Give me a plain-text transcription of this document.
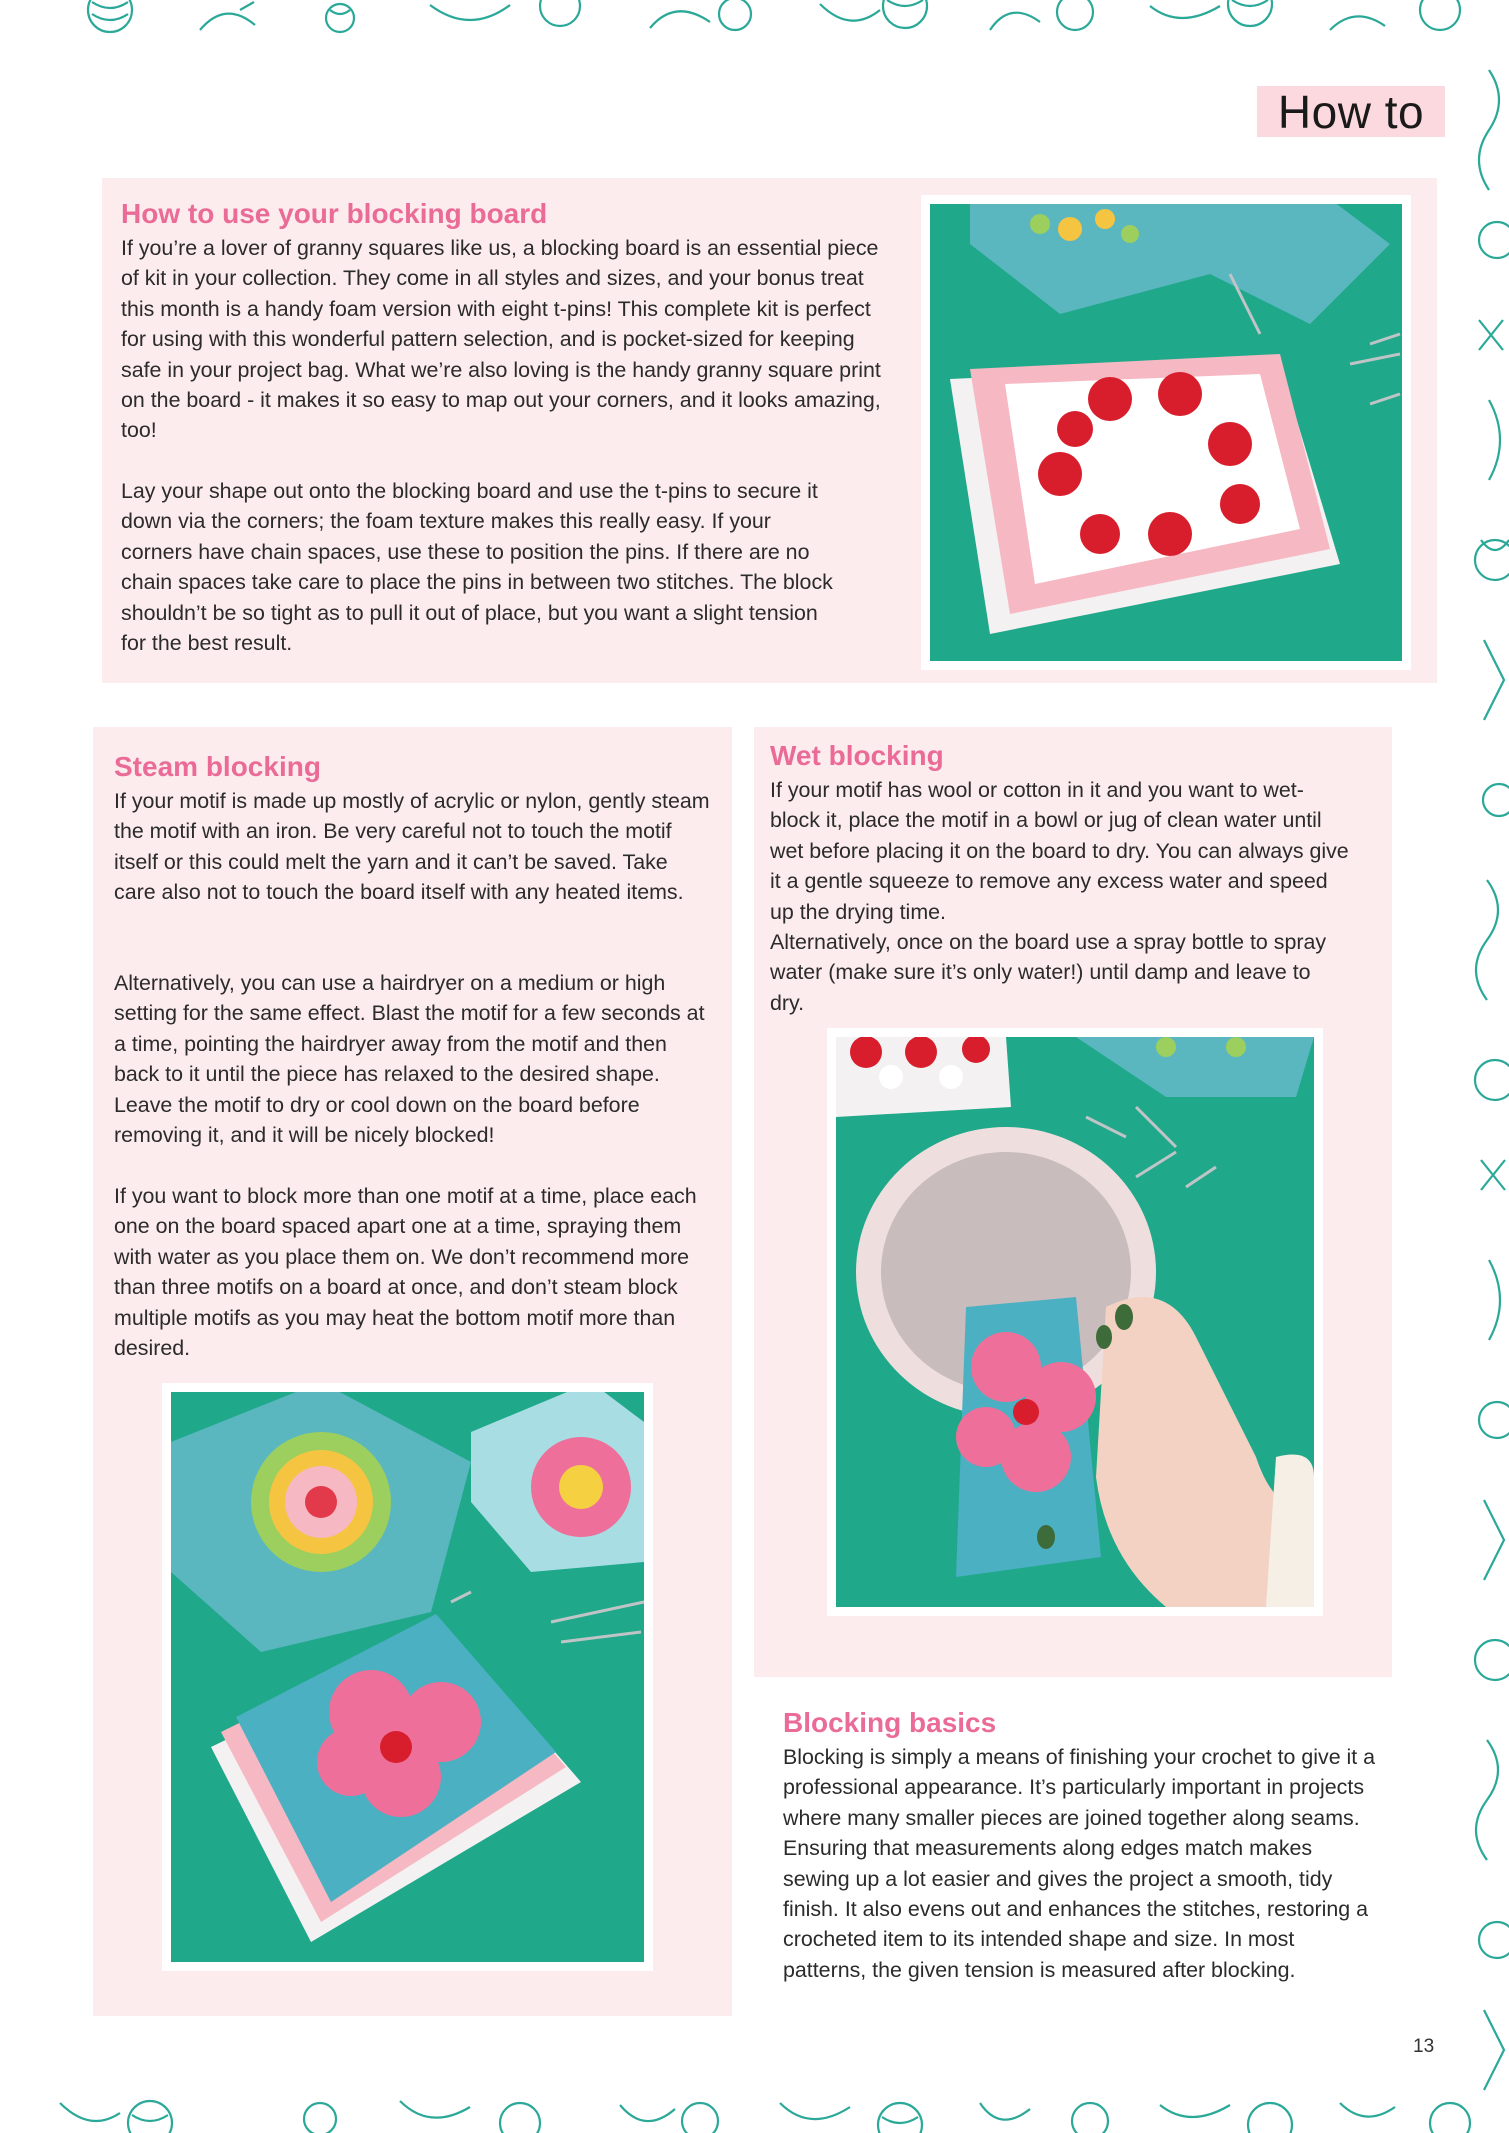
How to
How to use your blocking board

If you’re a lover of granny squares like us, a blocking board is an essential piece of kit in your collection. They come in all styles and sizes, and your bonus treat this month is a handy foam version with eight t-pins! This complete kit is perfect for using with this wonderful pattern selection, and is pocket-sized for keeping safe in your project bag. What we’re also loving is the handy granny square print on the board - it makes it so easy to map out your corners, and it looks amazing, too!

Lay your shape out onto the blocking board and use the t-pins to secure it down via the corners; the foam texture makes this really easy. If your corners have chain spaces, use these to position the pins. If there are no chain spaces take care to place the pins in between two stitches. The block shouldn’t be so tight as to pull it out of place, but you want a slight tension for the best result.

Steam blocking

If your motif is made up mostly of acrylic or nylon, gently steam the motif with an iron. Be very careful not to touch the motif itself or this could melt the yarn and it can’t be saved. Take care also not to touch the board itself with any heated items.

Alternatively, you can use a hairdryer on a medium or high setting for the same effect. Blast the motif for a few seconds at a time, pointing the hairdryer away from the motif and then back to it until the piece has relaxed to the desired shape. Leave the motif to dry or cool down on the board before removing it, and it will be nicely blocked!

If you want to block more than one motif at a time, place each one on the board spaced apart one at a time, spraying them with water as you place them on. We don’t recommend more than three motifs on a board at once, and don’t steam block multiple motifs as you may heat the bottom motif more than desired.

Wet blocking

If your motif has wool or cotton in it and you want to wet-block it, place the motif in a bowl or jug of clean water until wet before placing it on the board to dry. You can always give it a gentle squeeze to remove any excess water and speed up the drying time.

Alternatively, once on the board use a spray bottle to spray water (make sure it’s only water!) until damp and leave to dry.

Blocking basics

Blocking is simply a means of finishing your crochet to give it a professional appearance. It’s particularly important in projects where many smaller pieces are joined together along seams. Ensuring that measurements along edges match makes sewing up a lot easier and gives the project a smooth, tidy finish. It also evens out and enhances the stitches, restoring a crocheted item to its intended shape and size. In most patterns, the given tension is measured after blocking.

13
